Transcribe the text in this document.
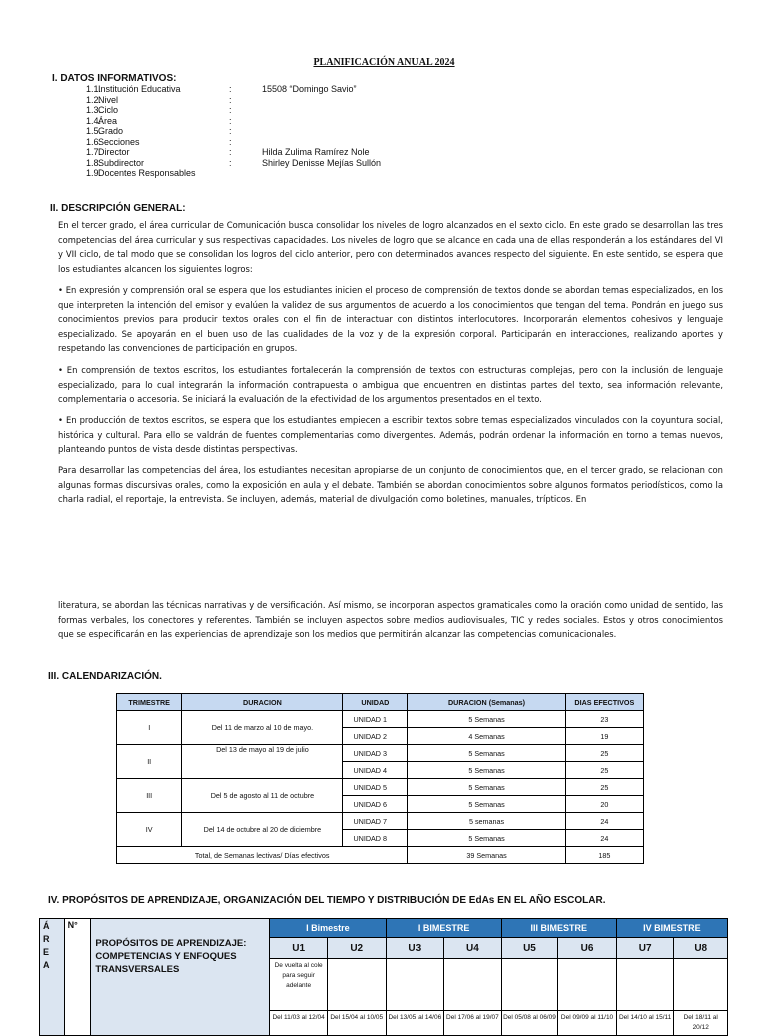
PLANIFICACIÓN ANUAL 2024
I. DATOS INFORMATIVOS:
1.1.
Institución Educativa	:	15508 “Domingo Savio”
1.2.
Nivel	:
1.3.
Ciclo	:
1.4.
Área	:
1.5.
Grado	:
1.6.
Secciones	:
1.7.
Director	:	Hilda Zulima Ramírez Nole
1.8.
Subdirector	:	Shirley Denisse Mejías Sullón
1.9.
Docentes Responsables
II. DESCRIPCIÓN GENERAL:
En el tercer grado, el área curricular de Comunicación busca consolidar los niveles de logro alcanzados en el sexto ciclo. En este grado se desarrollan las tres competencias del área curricular y sus respectivas capacidades. Los niveles de logro que se alcance en cada una de ellas responderán a los estándares del VI y VII ciclo, de tal modo que se consolidan los logros del ciclo anterior, pero con determinados avances respecto del siguiente. En este sentido, se espera que los estudiantes alcancen los siguientes logros:
• En expresión y comprensión oral se espera que los estudiantes inicien el proceso de comprensión de textos donde se abordan temas especializados, en los que interpreten la intención del emisor y evalúen la validez de sus argumentos de acuerdo a los conocimientos que tengan del tema. Pondrán en juego sus conocimientos previos para producir textos orales con el fin de interactuar con distintos interlocutores. Incorporarán elementos cohesivos y lenguaje especializado. Se apoyarán en el buen uso de las cualidades de la voz y de la expresión corporal. Participarán en interacciones, realizando aportes y respetando las convenciones de participación en grupos.
• En comprensión de textos escritos, los estudiantes fortalecerán la comprensión de textos con estructuras complejas, pero con la inclusión de lenguaje especializado, para lo cual integrarán la información contrapuesta o ambigua que encuentren en distintas partes del texto, sea información relevante, complementaria o accesoria. Se iniciará la evaluación de la efectividad de los argumentos presentados en el texto.
• En producción de textos escritos, se espera que los estudiantes empiecen a escribir textos sobre temas especializados vinculados con la coyuntura social, histórica y cultural. Para ello se valdrán de fuentes complementarias como divergentes. Además, podrán ordenar la información en torno a temas nuevos, planteando puntos de vista desde distintas perspectivas.
Para desarrollar las competencias del área, los estudiantes necesitan apropiarse de un conjunto de conocimientos que, en el tercer grado, se relacionan con algunas formas discursivas orales, como la exposición en aula y el debate. También se abordan conocimientos sobre algunos formatos periodísticos, como la charla radial, el reportaje, la entrevista. Se incluyen, además, material de divulgación como boletines, manuales, trípticos. En
literatura, se abordan las técnicas narrativas y de versificación. Así mismo, se incorporan aspectos gramaticales como la oración como unidad de sentido, las formas verbales, los conectores y referentes. También se incluyen aspectos sobre medios audiovisuales, TIC y redes sociales. Estos y otros conocimientos que se especificarán en las experiencias de aprendizaje son los medios que permitirán alcanzar las competencias comunicacionales.
III. CALENDARIZACIÓN.
TRIMESTRE	DURACION	UNIDAD	DURACION (Semanas)	DIAS EFECTIVOS
I	Del 11 de marzo al 10 de mayo.	UNIDAD 1	5 Semanas	23
		UNIDAD 2	4 Semanas	19
II	Del 13 de mayo al 19 de julio	UNIDAD 3	5 Semanas	25
		UNIDAD 4	5 Semanas	25
III	Del 5 de agosto al 11 de octubre	UNIDAD 5	5 Semanas	25
		UNIDAD 6	5 Semanas	20
IV	Del 14 de octubre al 20 de diciembre	UNIDAD 7	5 semanas	24
		UNIDAD 8	5 Semanas	24
Total, de Semanas lectivas/ Días efectivos			39 Semanas	185
IV. PROPÓSITOS DE APRENDIZAJE, ORGANIZACIÓN DEL TIEMPO Y DISTRIBUCIÓN DE EdAs EN EL AÑO ESCOLAR.
Á R E A	N°	PROPÓSITOS DE APRENDIZAJE: COMPETENCIAS Y ENFOQUES TRANSVERSALES	I Bimestre		I BIMESTRE		III BIMESTRE		IV BIMESTRE	
			U1	U2	U3	U4	U5	U6	U7	U8
			De vuelta al cole para seguir adelante							
			Del 11/03 al 12/04	Del 15/04 al 10/05	Del 13/05 al 14/06	Del 17/06 al 19/07	Del 05/08 al 06/09	Del 09/09 al 11/10	Del 14/10 al 15/11	Del 18/11 al 20/12
